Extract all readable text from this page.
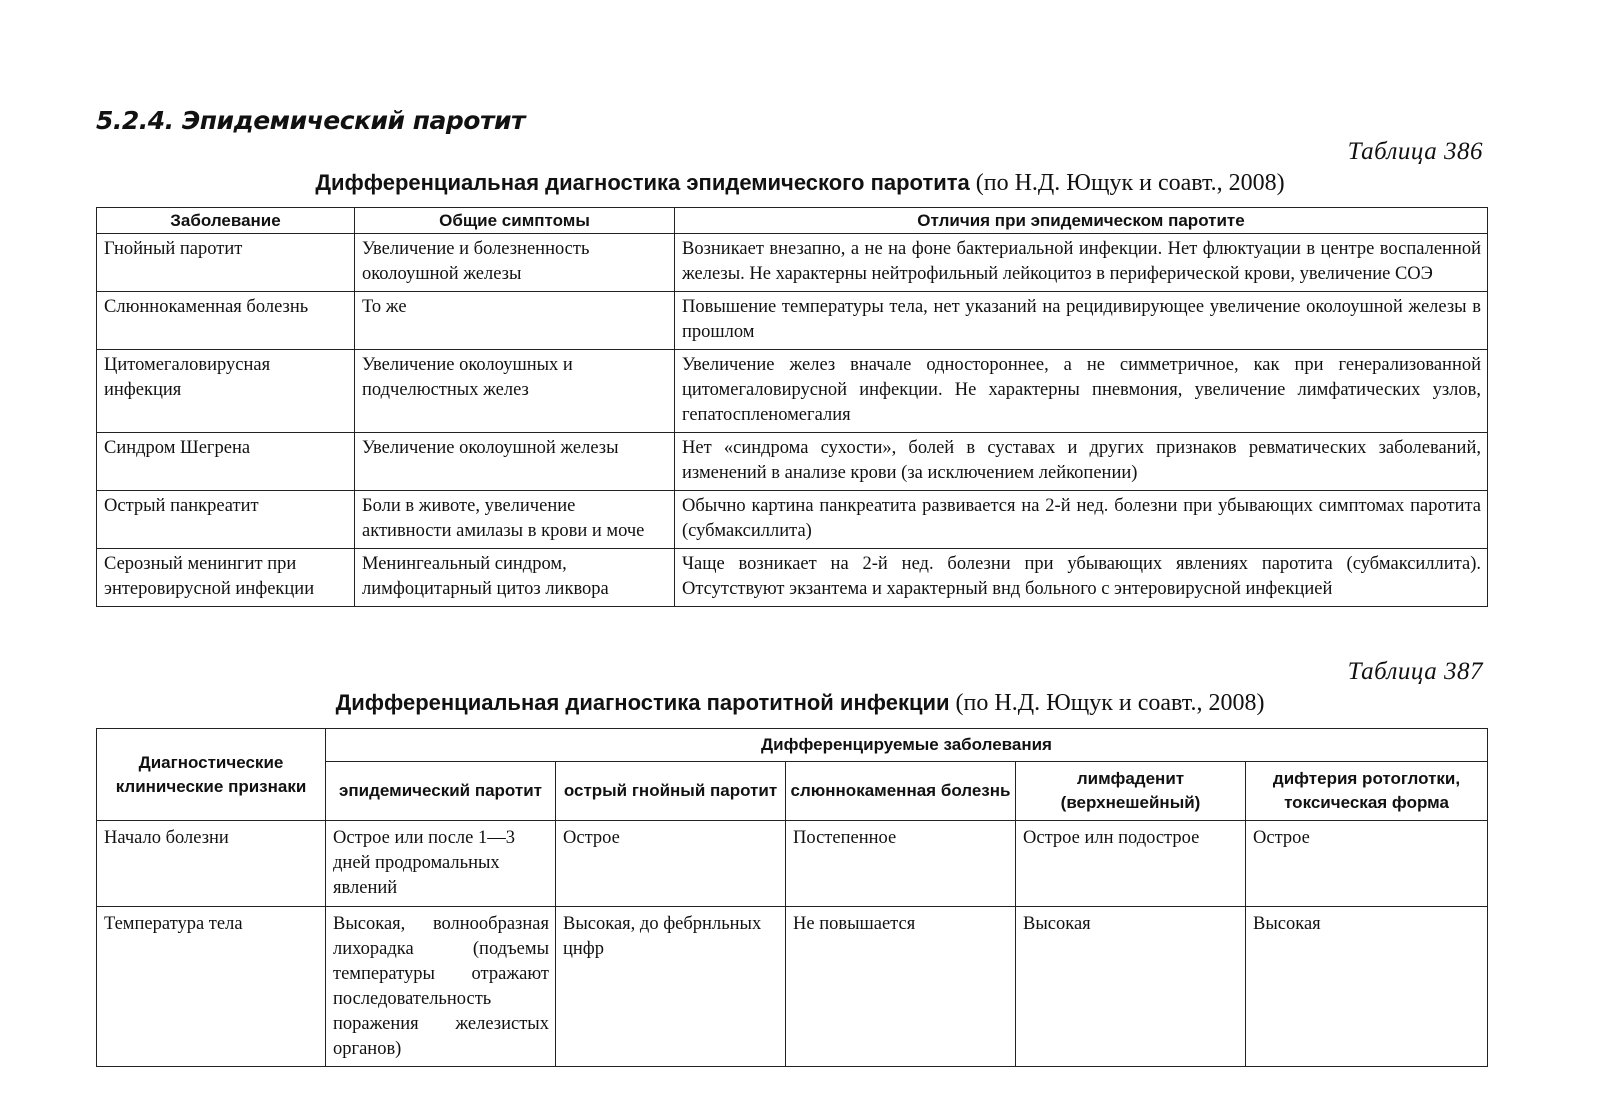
5.2.4. Эпидемический паротит
Таблица 386
Дифференциальная диагностика эпидемического паротита (по Н.Д. Ющук и соавт., 2008)
Заболевание	Общие симптомы	Отличия при эпидемическом паротите
Гнойный паротит	Увеличение и болезненность околоушной железы	Возникает внезапно, а не на фоне бактериальной инфекции. Нет флюктуации в центре воспаленной железы. Не характерны нейтрофильный лейкоцитоз в периферической крови, увеличение СОЭ
Слюннокаменная болезнь	То же	Повышение температуры тела, нет указаний на рецидивирующее увеличение околоушной железы в прошлом
Цитомегаловирусная инфекция	Увеличение околоушных и подчелюстных желез	Увеличение желез вначале одностороннее, а не симметричное, как при генерализованной цитомегаловирусной инфекции. Не характерны пневмония, увеличение лимфатических узлов, гепатоспленомегалия
Синдром Шегрена	Увеличение околоушной железы	Нет «синдрома сухости», болей в суставах и других признаков ревматических заболеваний, изменений в анализе крови (за исключением лейкопении)
Острый панкреатит	Боли в животе, увеличение активности амилазы в крови и моче	Обычно картина панкреатита развивается на 2-й нед. болезни при убывающих симптомах паротита (субмаксиллита)
Серозный менингит при энтеровирусной инфекции	Менингеальный синдром, лимфоцитарный цитоз ликвора	Чаще возникает на 2-й нед. болезни при убывающих явлениях паротита (субмаксиллита). Отсутствуют экзантема и характерный внд больного с энтеровирусной инфекцией
Таблица 387
Дифференциальная диагностика паротитной инфекции (по Н.Д. Ющук и соавт., 2008)
Диагностические клинические признаки	Дифференцируемые заболевания				
	эпидемический паротит	острый гнойный паротит	слюннокаменная болезнь	лимфаденит (верхнешейный)	дифтерия ротоглотки, токсическая форма
Начало болезни	Острое или после 1—3 дней продромальных явлений	Острое	Постепенное	Острое илн подострое	Острое
Температура тела	Высокая, волнообразная лихорадка (подъемы температуры отражают последовательность поражения железистых органов)	Высокая, до фебрнльных цнфр	Не повышается	Высокая	Высокая
